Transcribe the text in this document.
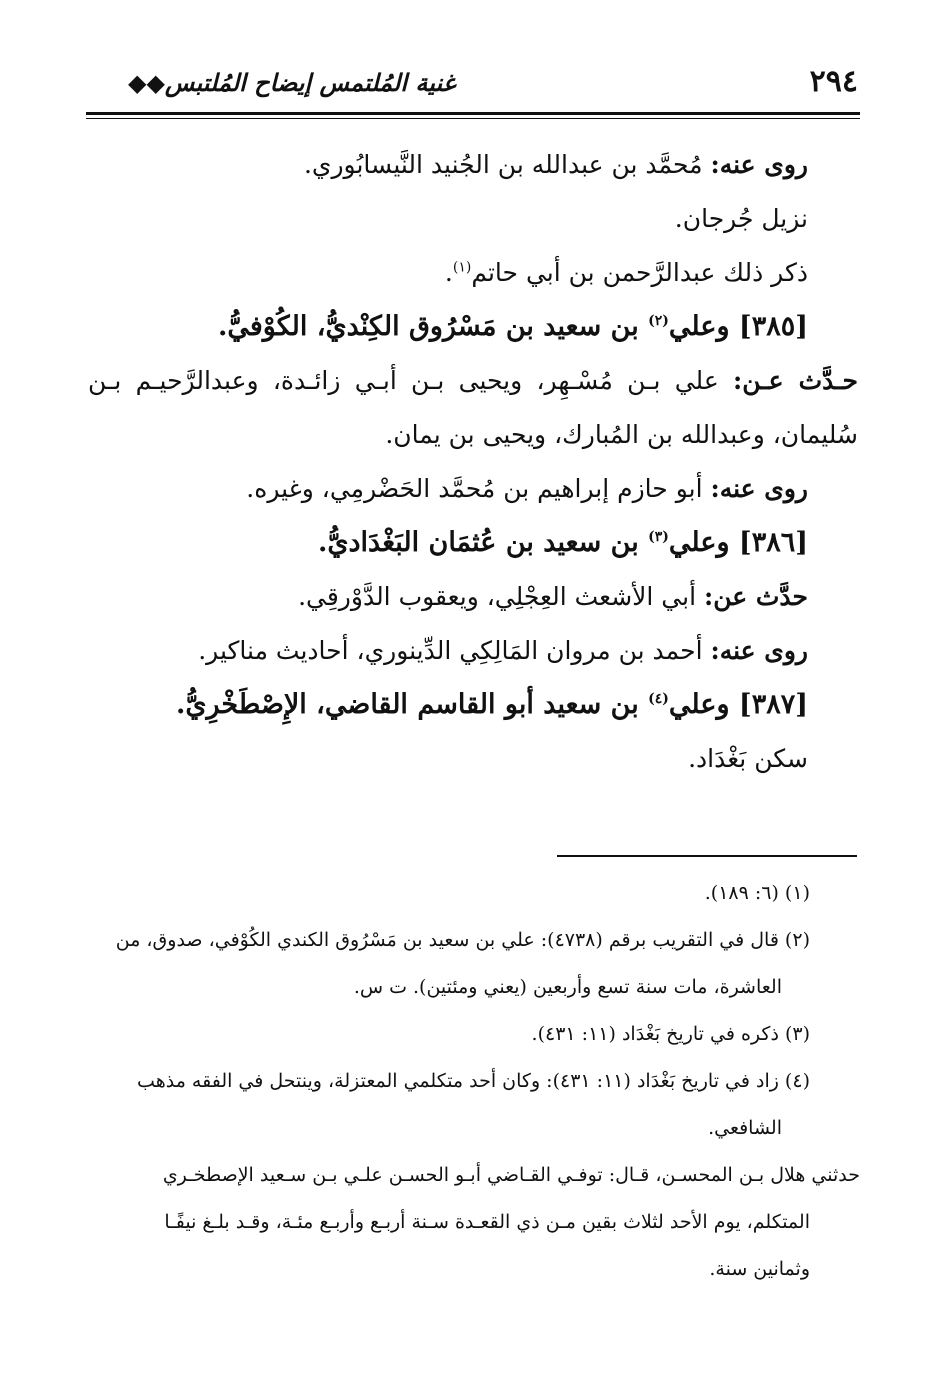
٢٩٤
غنية المُلتمس إيضاح المُلتبس◆◆

روى عنه: مُحمَّد بن عبدالله بن الجُنيد النَّيسابُوري.

نزيل جُرجان.

ذكر ذلك عبدالرَّحمن بن أبي حاتم$^{(١)}$.

[٣٨٥] وعلي$^{(٢)}$ بن سعيد بن مَسْرُوق الكِنْديُّ، الكُوْفيُّ.

حـدَّث عـن: علي بـن مُسْـهِر، ويحيى بـن أبـي زائـدة، وعبدالرَّحيـم بـن سُليمان، وعبدالله بن المُبارك، ويحيى بن يمان.

روى عنه: أبو حازم إبراهيم بن مُحمَّد الحَضْرمِي، وغيره.

[٣٨٦] وعلي$^{(٣)}$ بن سعيد بن عُثمَان البَغْدَاديُّ.

حدَّث عن: أبي الأشعث العِجْلِي، ويعقوب الدَّوْرقِي.

روى عنه: أحمد بن مروان المَالِكِي الدِّينوري، أحاديث مناكير.

[٣٨٧] وعلي$^{(٤)}$ بن سعيد أبو القاسم القاضي، الإِصْطَخْرِيُّ.

سكن بَغْدَاد.

(١) (٦: ١٨٩).

(٢) قال في التقريب برقم (٤٧٣٨): علي بن سعيد بن مَسْرُوق الكندي الكُوْفي، صدوق، من

العاشرة، مات سنة تسع وأربعين (يعني ومئتين). ت س.

(٣) ذكره في تاريخ بَغْدَاد (١١: ٤٣١).

(٤) زاد في تاريخ بَغْدَاد (١١: ٤٣١): وكان أحد متكلمي المعتزلة، وينتحل في الفقه مذهب

الشافعي.

حدثني هلال بـن المحسـن، قـال: توفـي القـاضي أبـو الحسـن علـي بـن سـعيد الإصطخـري

المتكلم، يوم الأحد لثلاث بقين مـن ذي القعـدة سـنة أربـع وأربـع مئـة، وقـد بلـغ نيفًـا

وثمانين سنة.
